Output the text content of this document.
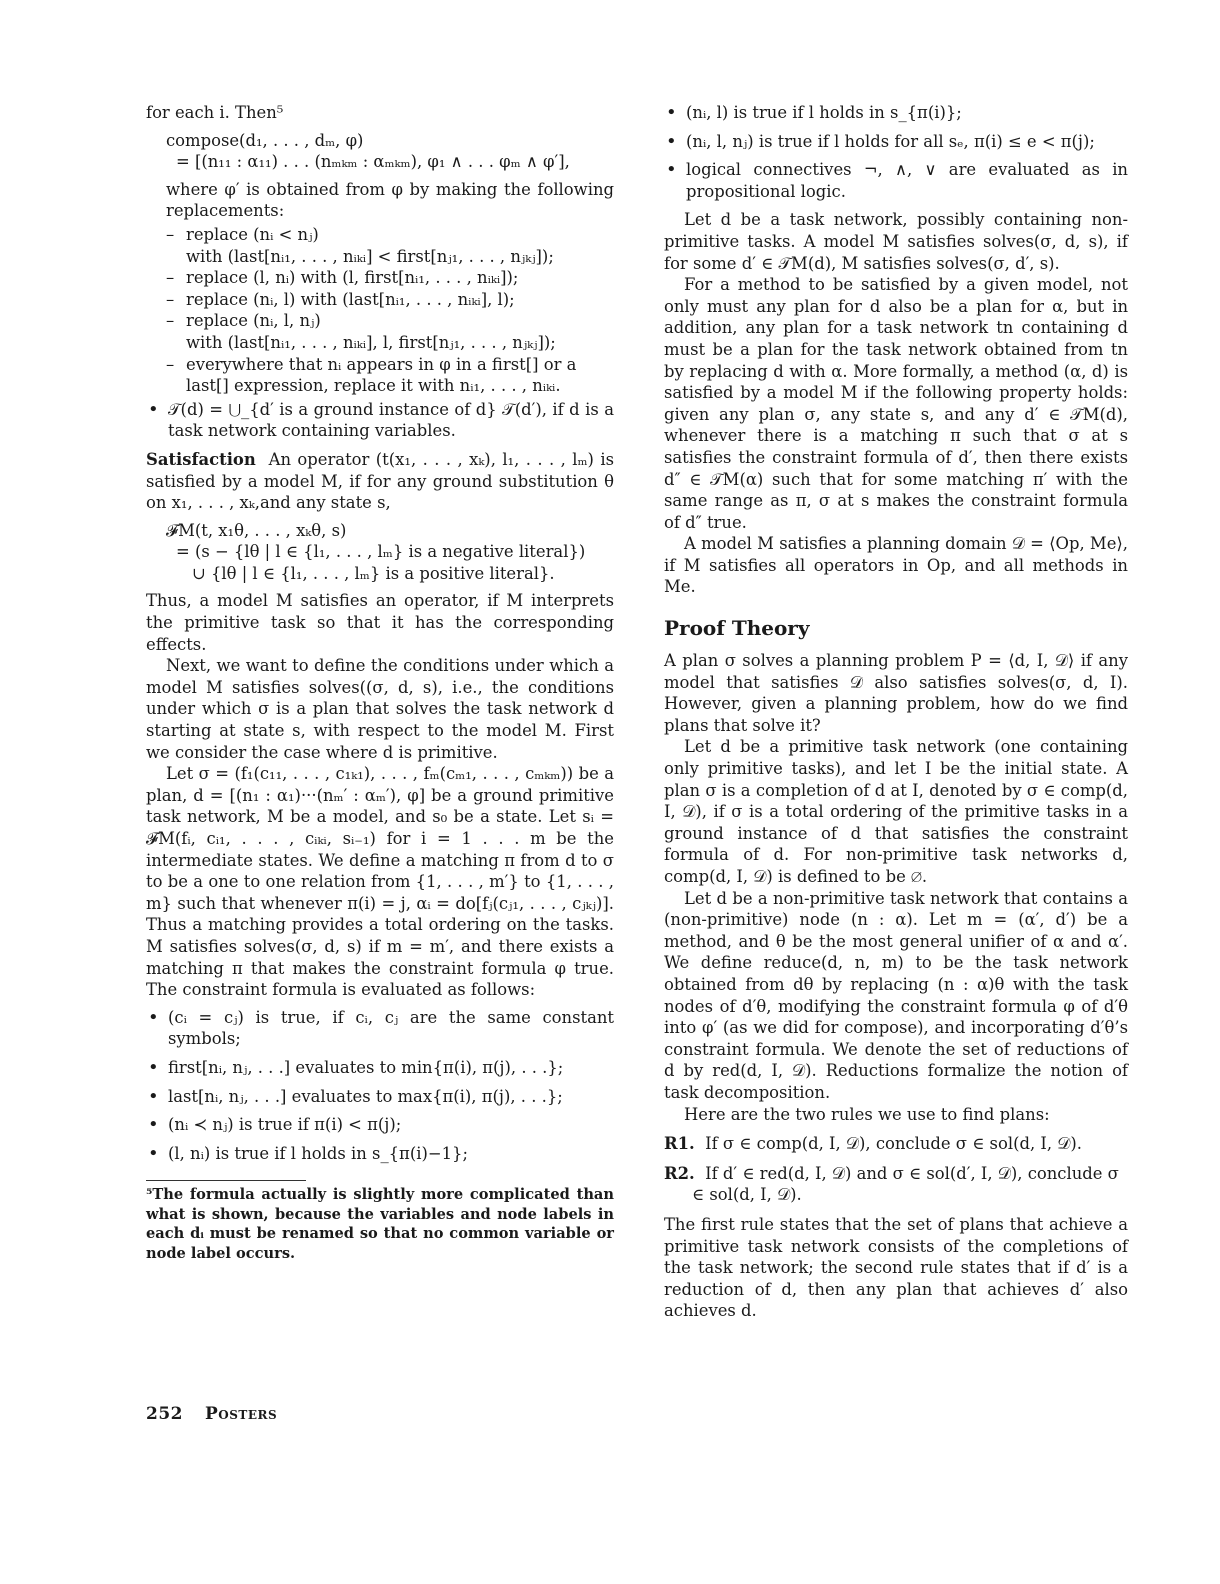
for each i. Then⁵

compose(d₁, . . . , dₘ, φ)
= [(n₁₁ : α₁₁) . . . (nₘₖₘ : αₘₖₘ), φ₁ ∧ . . . φₘ ∧ φ′],
where φ′ is obtained from φ by making the following replacements:
– replace (nᵢ < nⱼ)
with (last[nᵢ₁, . . . , nᵢₖᵢ] < first[nⱼ₁, . . . , nⱼₖⱼ]);
– replace (l, nᵢ) with (l, first[nᵢ₁, . . . , nᵢₖᵢ]);
– replace (nᵢ, l) with (last[nᵢ₁, . . . , nᵢₖᵢ], l);
– replace (nᵢ, l, nⱼ)
with (last[nᵢ₁, . . . , nᵢₖᵢ], l, first[nⱼ₁, . . . , nⱼₖⱼ]);
– everywhere that nᵢ appears in φ in a first[] or a last[] expression, replace it with nᵢ₁, . . . , nᵢₖᵢ.
• 𝒯(d) = ⋃_{d′ is a ground instance of d} 𝒯(d′), if d is a task network containing variables.

Satisfaction An operator (t(x₁, . . . , xₖ), l₁, . . . , lₘ) is satisfied by a model M, if for any ground substitution θ on x₁, . . . , xₖ,and any state s,

𝓕M(t, x₁θ, . . . , xₖθ, s)
= (s − {lθ | l ∈ {l₁, . . . , lₘ} is a negative literal})
∪ {lθ | l ∈ {l₁, . . . , lₘ} is a positive literal}.

Thus, a model M satisfies an operator, if M interprets the primitive task so that it has the corresponding effects.

Next, we want to define the conditions under which a model M satisfies solves((σ, d, s), i.e., the conditions under which σ is a plan that solves the task network d starting at state s, with respect to the model M. First we consider the case where d is primitive.

Let σ = (f₁(c₁₁, . . . , c₁ₖ₁), . . . , fₘ(cₘ₁, . . . , cₘₖₘ)) be a plan, d = [(n₁ : α₁)···(nₘ′ : αₘ′), φ] be a ground primitive task network, M be a model, and s₀ be a state. Let sᵢ = 𝓕M(fᵢ, cᵢ₁, . . . , cᵢₖᵢ, sᵢ₋₁) for i = 1 . . . m be the intermediate states. We define a matching π from d to σ to be a one to one relation from {1, . . . , m′} to {1, . . . , m} such that whenever π(i) = j, αᵢ = do[fⱼ(cⱼ₁, . . . , cⱼₖⱼ)]. Thus a matching provides a total ordering on the tasks. M satisfies solves(σ, d, s) if m = m′, and there exists a matching π that makes the constraint formula φ true. The constraint formula is evaluated as follows:

• (cᵢ = cⱼ) is true, if cᵢ, cⱼ are the same constant symbols;
• first[nᵢ, nⱼ, . . .] evaluates to min{π(i), π(j), . . .};
• last[nᵢ, nⱼ, . . .] evaluates to max{π(i), π(j), . . .};
• (nᵢ ≺ nⱼ) is true if π(i) < π(j);
• (l, nᵢ) is true if l holds in s_{π(i)−1};

⁵The formula actually is slightly more complicated than what is shown, because the variables and node labels in each dᵢ must be renamed so that no common variable or node label occurs.

• (nᵢ, l) is true if l holds in s_{π(i)};
• (nᵢ, l, nⱼ) is true if l holds for all sₑ, π(i) ≤ e < π(j);
• logical connectives ¬, ∧, ∨ are evaluated as in propositional logic.

Let d be a task network, possibly containing non-primitive tasks. A model M satisfies solves(σ, d, s), if for some d′ ∈ 𝒯M(d), M satisfies solves(σ, d′, s).

For a method to be satisfied by a given model, not only must any plan for d also be a plan for α, but in addition, any plan for a task network tn containing d must be a plan for the task network obtained from tn by replacing d with α. More formally, a method (α, d) is satisfied by a model M if the following property holds: given any plan σ, any state s, and any d′ ∈ 𝒯M(d), whenever there is a matching π such that σ at s satisfies the constraint formula of d′, then there exists d″ ∈ 𝒯M(α) such that for some matching π′ with the same range as π, σ at s makes the constraint formula of d″ true.

A model M satisfies a planning domain 𝒟 = ⟨Op, Me⟩, if M satisfies all operators in Op, and all methods in Me.

Proof Theory

A plan σ solves a planning problem P = ⟨d, I, 𝒟⟩ if any model that satisfies 𝒟 also satisfies solves(σ, d, I). However, given a planning problem, how do we find plans that solve it?

Let d be a primitive task network (one containing only primitive tasks), and let I be the initial state. A plan σ is a completion of d at I, denoted by σ ∈ comp(d, I, 𝒟), if σ is a total ordering of the primitive tasks in a ground instance of d that satisfies the constraint formula of d. For non-primitive task networks d, comp(d, I, 𝒟) is defined to be ∅.

Let d be a non-primitive task network that contains a (non-primitive) node (n : α). Let m = (α′, d′) be a method, and θ be the most general unifier of α and α′. We define reduce(d, n, m) to be the task network obtained from dθ by replacing (n : α)θ with the task nodes of d′θ, modifying the constraint formula φ of d′θ into φ′ (as we did for compose), and incorporating d′θ’s constraint formula. We denote the set of reductions of d by red(d, I, 𝒟). Reductions formalize the notion of task decomposition.

Here are the two rules we use to find plans:

R1. If σ ∈ comp(d, I, 𝒟), conclude σ ∈ sol(d, I, 𝒟).

R2. If d′ ∈ red(d, I, 𝒟) and σ ∈ sol(d′, I, 𝒟), conclude σ ∈ sol(d, I, 𝒟).

The first rule states that the set of plans that achieve a primitive task network consists of the completions of the task network; the second rule states that if d′ is a reduction of d, then any plan that achieves d′ also achieves d.

252 Posters
